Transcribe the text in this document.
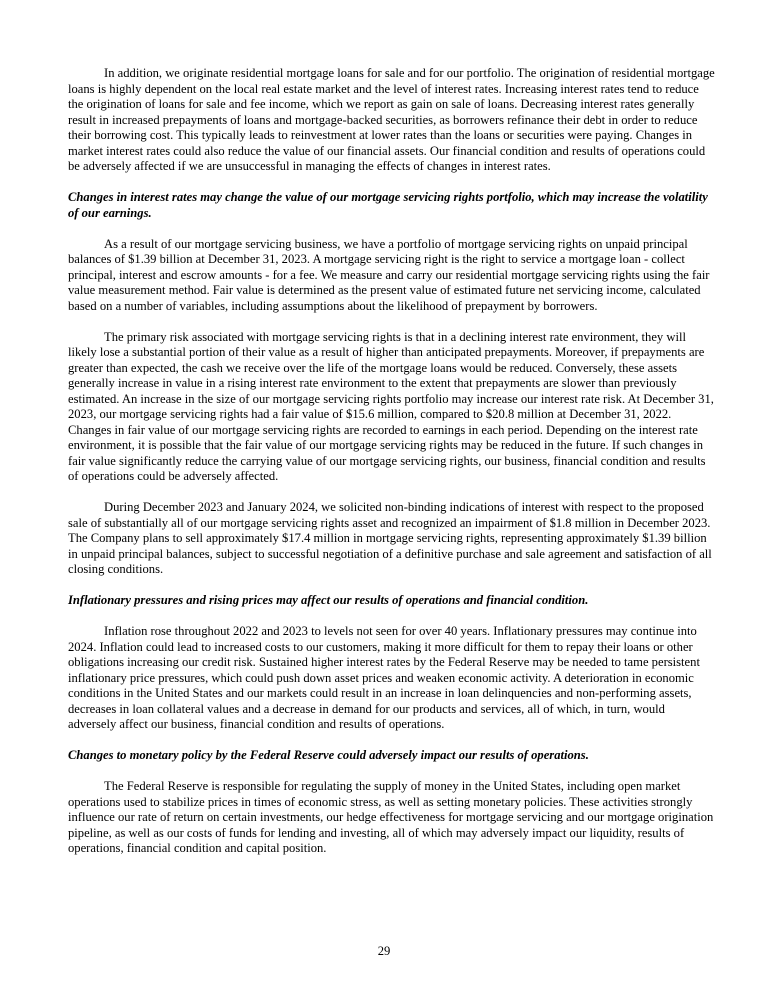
In addition, we originate residential mortgage loans for sale and for our portfolio. The origination of residential mortgage loans is highly dependent on the local real estate market and the level of interest rates. Increasing interest rates tend to reduce the origination of loans for sale and fee income, which we report as gain on sale of loans. Decreasing interest rates generally result in increased prepayments of loans and mortgage-backed securities, as borrowers refinance their debt in order to reduce their borrowing cost. This typically leads to reinvestment at lower rates than the loans or securities were paying. Changes in market interest rates could also reduce the value of our financial assets. Our financial condition and results of operations could be adversely affected if we are unsuccessful in managing the effects of changes in interest rates.

Changes in interest rates may change the value of our mortgage servicing rights portfolio, which may increase the volatility of our earnings.

As a result of our mortgage servicing business, we have a portfolio of mortgage servicing rights on unpaid principal balances of $1.39 billion at December 31, 2023. A mortgage servicing right is the right to service a mortgage loan - collect principal, interest and escrow amounts - for a fee. We measure and carry our residential mortgage servicing rights using the fair value measurement method. Fair value is determined as the present value of estimated future net servicing income, calculated based on a number of variables, including assumptions about the likelihood of prepayment by borrowers.

The primary risk associated with mortgage servicing rights is that in a declining interest rate environment, they will likely lose a substantial portion of their value as a result of higher than anticipated prepayments. Moreover, if prepayments are greater than expected, the cash we receive over the life of the mortgage loans would be reduced. Conversely, these assets generally increase in value in a rising interest rate environment to the extent that prepayments are slower than previously estimated. An increase in the size of our mortgage servicing rights portfolio may increase our interest rate risk. At December 31, 2023, our mortgage servicing rights had a fair value of $15.6 million, compared to $20.8 million at December 31, 2022. Changes in fair value of our mortgage servicing rights are recorded to earnings in each period. Depending on the interest rate environment, it is possible that the fair value of our mortgage servicing rights may be reduced in the future. If such changes in fair value significantly reduce the carrying value of our mortgage servicing rights, our business, financial condition and results of operations could be adversely affected.

During December 2023 and January 2024, we solicited non-binding indications of interest with respect to the proposed sale of substantially all of our mortgage servicing rights asset and recognized an impairment of $1.8 million in December 2023. The Company plans to sell approximately $17.4 million in mortgage servicing rights, representing approximately $1.39 billion in unpaid principal balances, subject to successful negotiation of a definitive purchase and sale agreement and satisfaction of all closing conditions.

Inflationary pressures and rising prices may affect our results of operations and financial condition.

Inflation rose throughout 2022 and 2023 to levels not seen for over 40 years. Inflationary pressures may continue into 2024. Inflation could lead to increased costs to our customers, making it more difficult for them to repay their loans or other obligations increasing our credit risk. Sustained higher interest rates by the Federal Reserve may be needed to tame persistent inflationary price pressures, which could push down asset prices and weaken economic activity. A deterioration in economic conditions in the United States and our markets could result in an increase in loan delinquencies and non-performing assets, decreases in loan collateral values and a decrease in demand for our products and services, all of which, in turn, would adversely affect our business, financial condition and results of operations.

Changes to monetary policy by the Federal Reserve could adversely impact our results of operations.

The Federal Reserve is responsible for regulating the supply of money in the United States, including open market operations used to stabilize prices in times of economic stress, as well as setting monetary policies. These activities strongly influence our rate of return on certain investments, our hedge effectiveness for mortgage servicing and our mortgage origination pipeline, as well as our costs of funds for lending and investing, all of which may adversely impact our liquidity, results of operations, financial condition and capital position.

29
